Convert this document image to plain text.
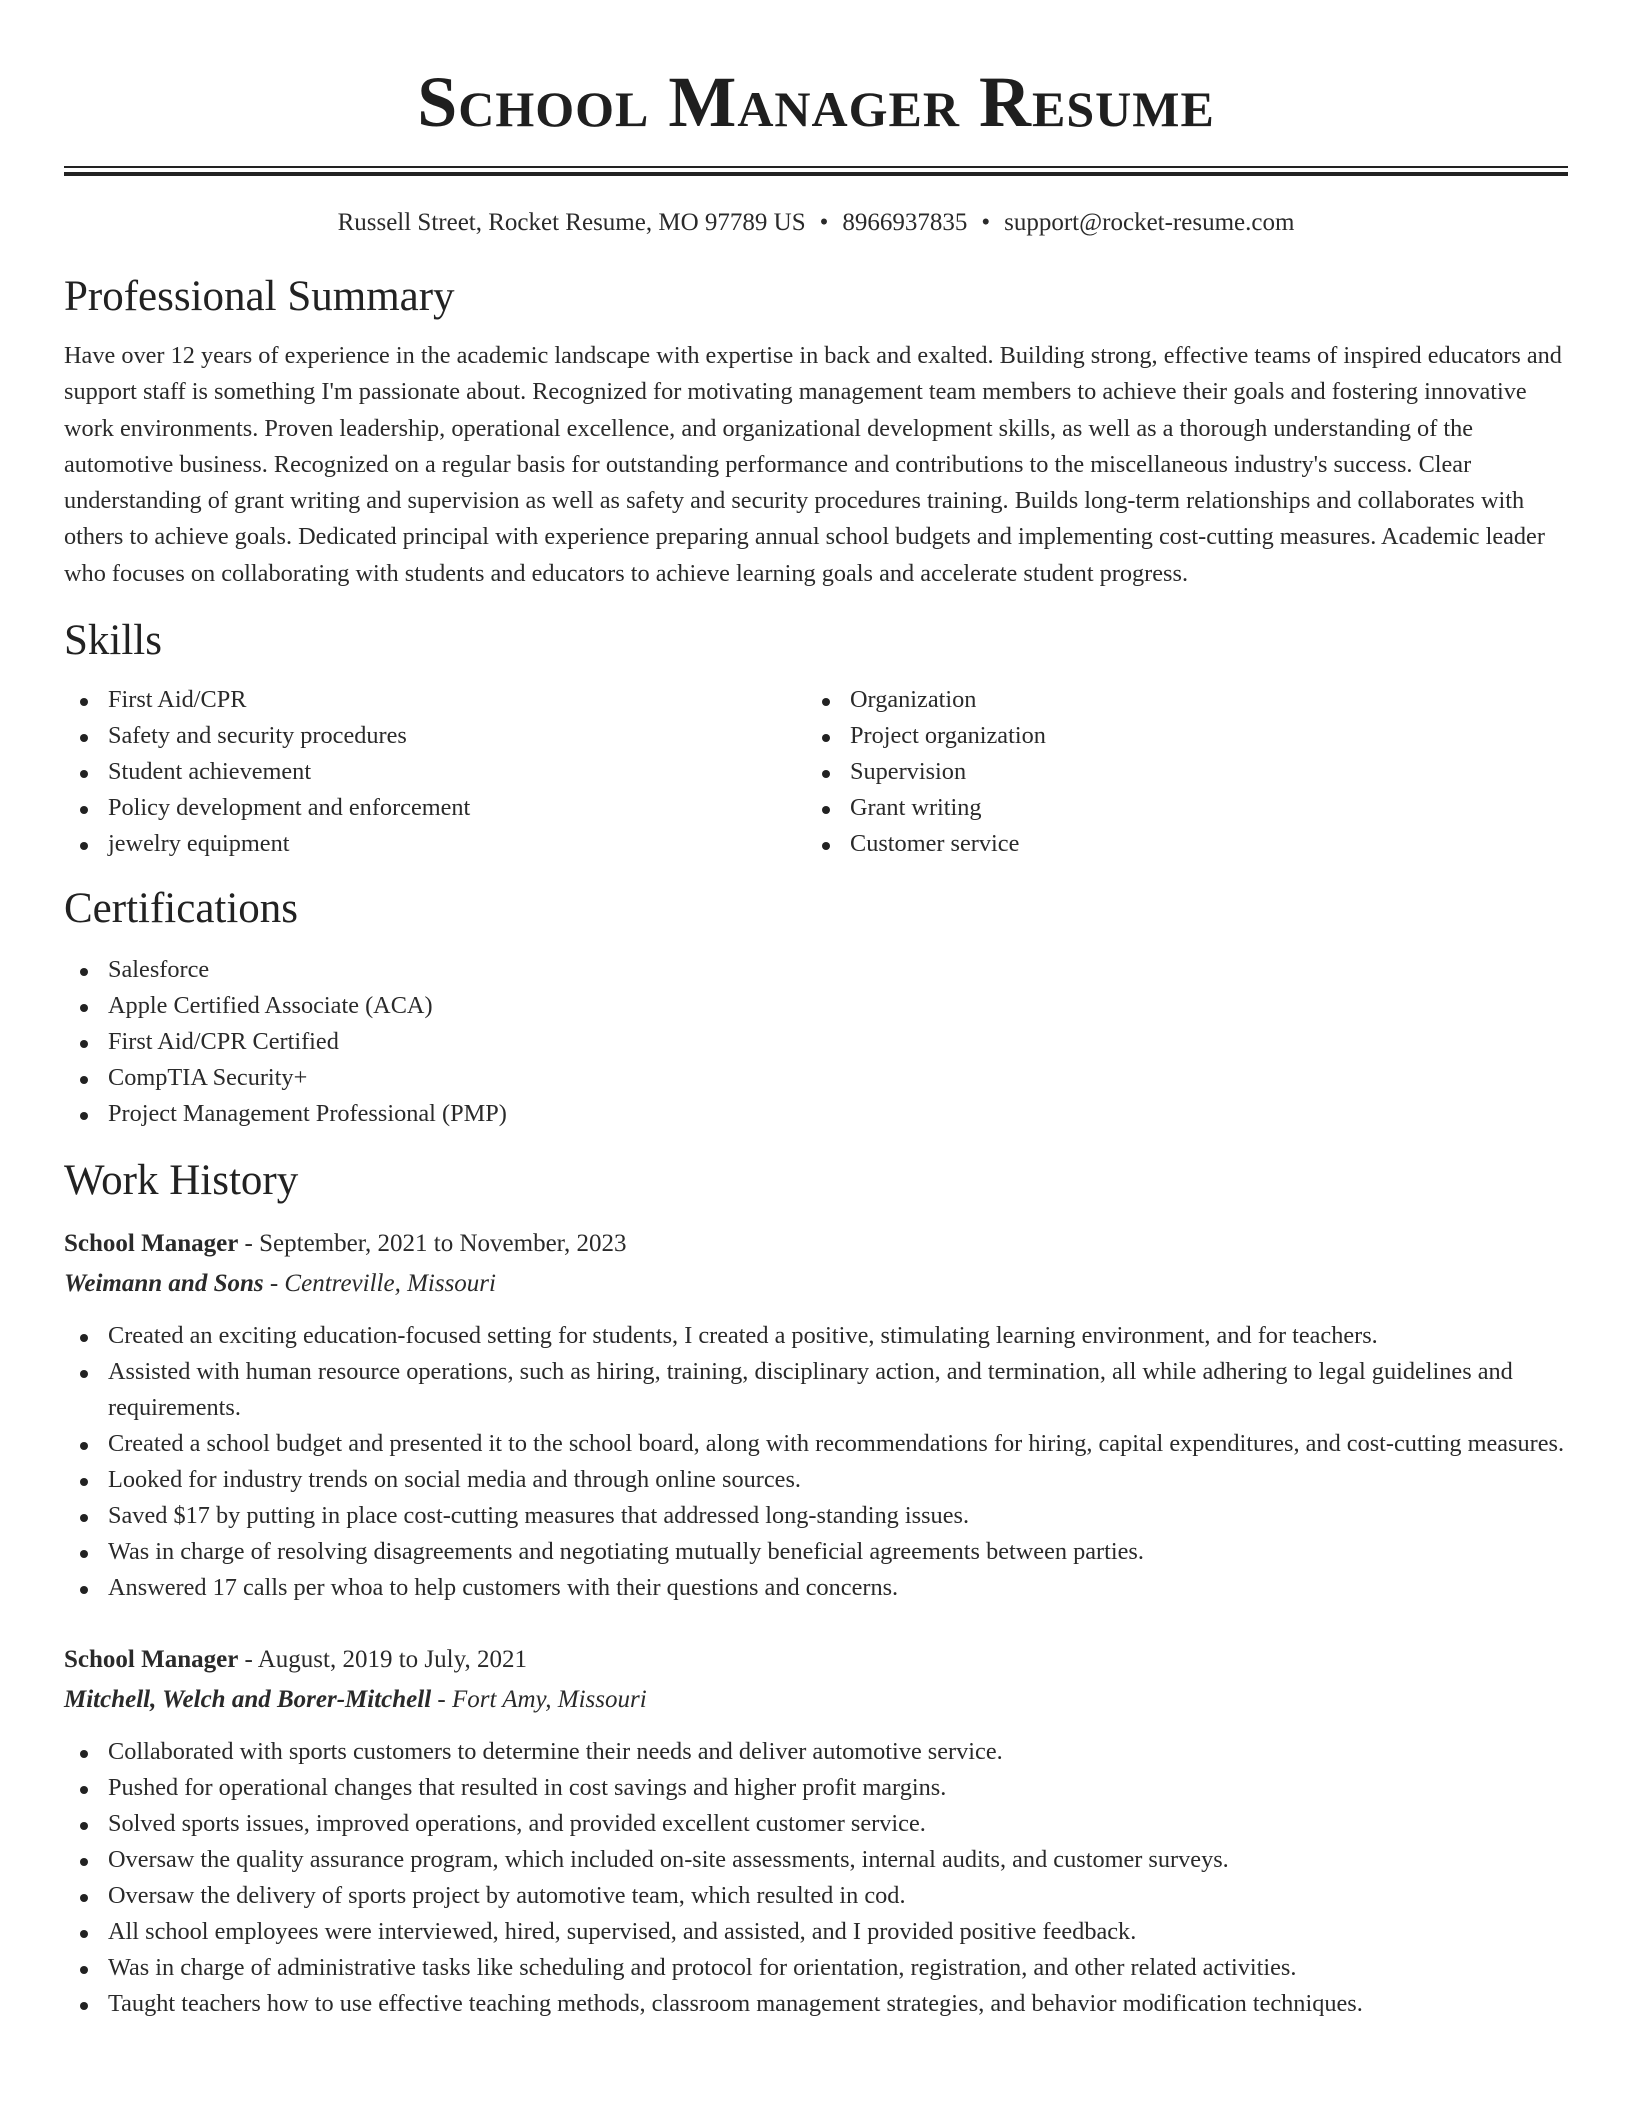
School Manager Resume
Russell Street, Rocket Resume, MO 97789 US • 8966937835 • support@rocket-resume.com
Professional Summary

Have over 12 years of experience in the academic landscape with expertise in back and exalted. Building strong, effective teams of inspired educators and support staff is something I'm passionate about. Recognized for motivating management team members to achieve their goals and fostering innovative work environments. Proven leadership, operational excellence, and organizational development skills, as well as a thorough understanding of the automotive business. Recognized on a regular basis for outstanding performance and contributions to the miscellaneous industry's success. Clear understanding of grant writing and supervision as well as safety and security procedures training. Builds long-term relationships and collaborates with others to achieve goals. Dedicated principal with experience preparing annual school budgets and implementing cost-cutting measures. Academic leader who focuses on collaborating with students and educators to achieve learning goals and accelerate student progress.

Skills
First Aid/CPR
Safety and security procedures
Student achievement
Policy development and enforcement
jewelry equipment
Organization
Project organization
Supervision
Grant writing
Customer service
Certifications
Salesforce
Apple Certified Associate (ACA)
First Aid/CPR Certified
CompTIA Security+
Project Management Professional (PMP)
Work History
School Manager - September, 2021 to November, 2023
Weimann and Sons - Centreville, Missouri
Created an exciting education-focused setting for students, I created a positive, stimulating learning environment, and for teachers.
Assisted with human resource operations, such as hiring, training, disciplinary action, and termination, all while adhering to legal guidelines and requirements.
Created a school budget and presented it to the school board, along with recommendations for hiring, capital expenditures, and cost-cutting measures.
Looked for industry trends on social media and through online sources.
Saved $17 by putting in place cost-cutting measures that addressed long-standing issues.
Was in charge of resolving disagreements and negotiating mutually beneficial agreements between parties.
Answered 17 calls per whoa to help customers with their questions and concerns.
School Manager - August, 2019 to July, 2021
Mitchell, Welch and Borer-Mitchell - Fort Amy, Missouri
Collaborated with sports customers to determine their needs and deliver automotive service.
Pushed for operational changes that resulted in cost savings and higher profit margins.
Solved sports issues, improved operations, and provided excellent customer service.
Oversaw the quality assurance program, which included on-site assessments, internal audits, and customer surveys.
Oversaw the delivery of sports project by automotive team, which resulted in cod.
All school employees were interviewed, hired, supervised, and assisted, and I provided positive feedback.
Was in charge of administrative tasks like scheduling and protocol for orientation, registration, and other related activities.
Taught teachers how to use effective teaching methods, classroom management strategies, and behavior modification techniques.
